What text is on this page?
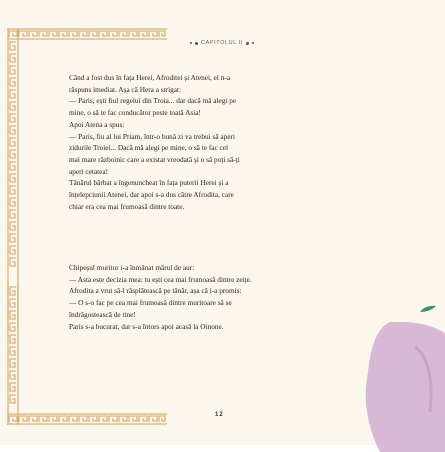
CAPITOLUL II

Când a fost dus în fața Herei, Afroditei și Atenei, el n-a

răspuns imediat. Așa că Hera a strigat:

— Paris, ești fiul regelui din Troia... dar dacă mă alegi pe

mine, o să te fac conducător peste toată Asia!

Apoi Atena a spus:

— Paris, fiu al lui Priam, într-o bună zi va trebui să aperi

zidurile Troiei... Dacă mă alegi pe mine, o să te fac cel

mai mare războinic care a existat vreodată și o să poți să-ți

aperi cetatea!

Tânărul bărbat a îngenuncheat în fața puterii Herei și a

înțelepciunii Atenei, dar apoi s-a dus către Afrodita, care

chiar era cea mai frumoasă dintre toate.

Chipeșul muritor i-a înmânat mărul de aur:

— Asta este decizia mea: tu ești cea mai frumoasă dintre zeițe.

Afrodita a vrut să-l răsplătească pe tânăr, așa că i-a promis:

— O s-o fac pe cea mai frumoasă dintre muritoare să se

îndrăgostească de tine!

Paris s-a bucurat, dar s-a întors apoi acasă la Oinone.

12
